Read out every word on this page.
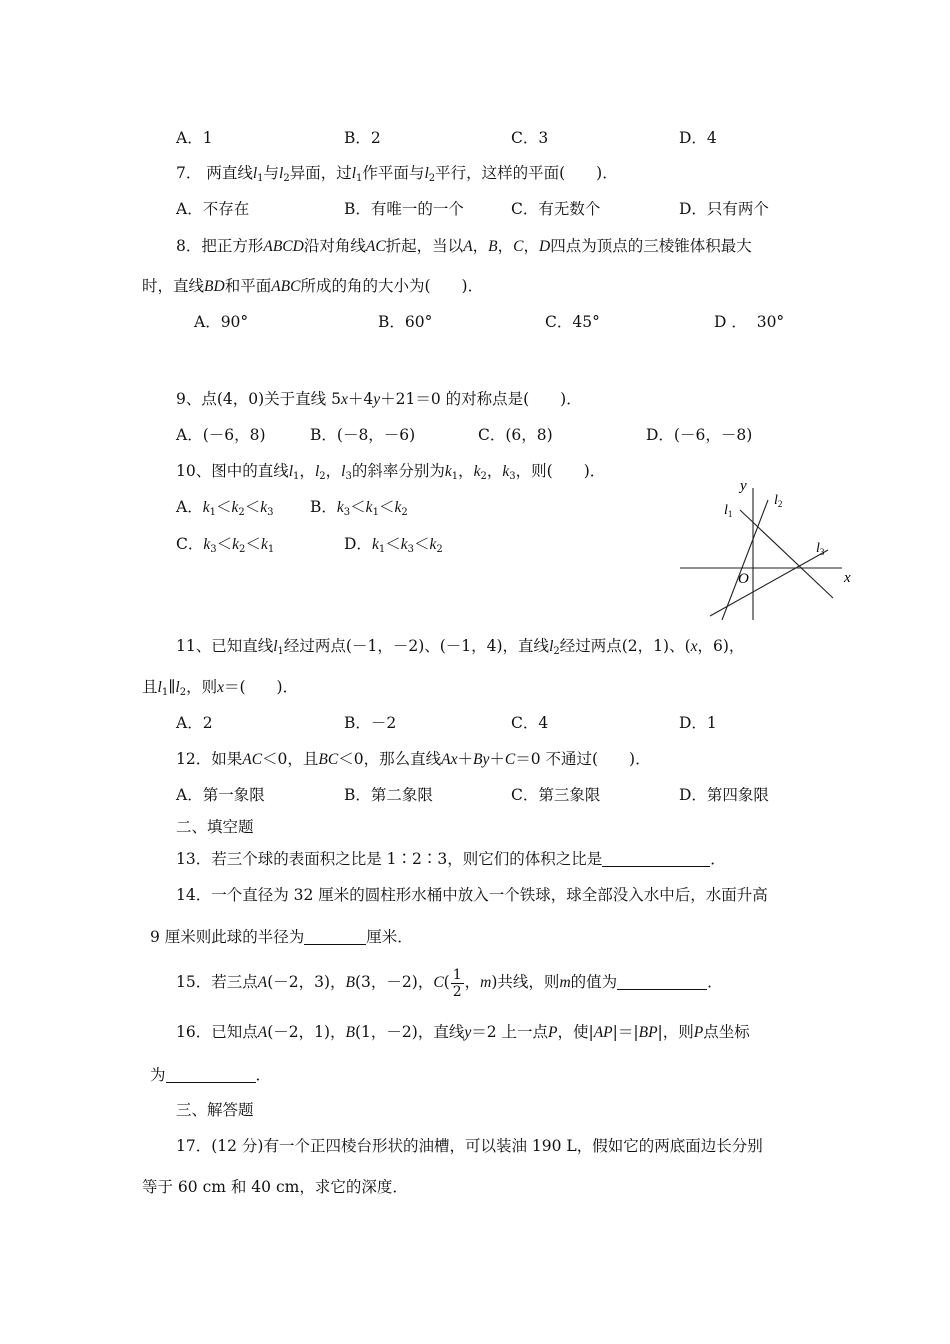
A．1	B．2	C．3	D．4
7． 两直线$l_1$与$l_2$异面，过$l_1$作平面与$l_2$平行，这样的平面(　　)．
A．不存在	B．有唯一的一个	C．有无数个	D．只有两个
8．把正方形ABCD沿对角线AC折起，当以A，B，C，D四点为顶点的三棱锥体积最大
时，直线BD和平面ABC所成的角的大小为(　　)．
A．90°	B．60°	C．45°	D ．  30°
9、点(4，0)关于直线 5x＋4y＋21＝0 的对称点是(　　)．
A．(－6，8)	B．(－8，－6)	C．(6，8)	D．(－6，－8)
10、图中的直线$l_1$，$l_2$，$l_3$的斜率分别为$k_1$，$k_2$，$k_3$，则(　　)．
A．$k_1<k_2<k_3$ B．$k_3<k_1<k_2$
C．$k_3<k_2<k_1$	D．$k_1<k_3<k_2$
y
x
O
$l_1$
$l_2$
$l_3$
11、已知直线$l_1$经过两点(－1，－2)、(－1，4)，直线$l_2$经过两点(2，1)、(x，6)，
且$l_1\parallel l_2$，则x＝(　　)．
A．2	B．－2	C．4	D．1
12．如果AC＜0，且BC＜0，那么直线Ax＋By＋C＝0 不通过(　　)．
A．第一象限	B．第二象限	C．第三象限	D．第四象限
二、填空题
13．若三个球的表面积之比是 1∶2∶3，则它们的体积之比是	．
14．一个直径为 32 厘米的圆柱形水桶中放入一个铁球，球全部没入水中后，水面升高
9 厘米则此球的半径为	厘米．
15．若三点A(－2，3)，B(3，－2)，$C( \frac{1}{2}$ ，m)共线，则m的值为	．
16．已知点A(－2，1)，B(1，－2)，直线y＝2 上一点P，使|AP|＝|BP|，则P点坐标
为	．
三、解答题
17．(12 分)有一个正四棱台形状的油槽，可以装油 190 L，假如它的两底面边长分别
等于 60 cm 和 40 cm，求它的深度．
